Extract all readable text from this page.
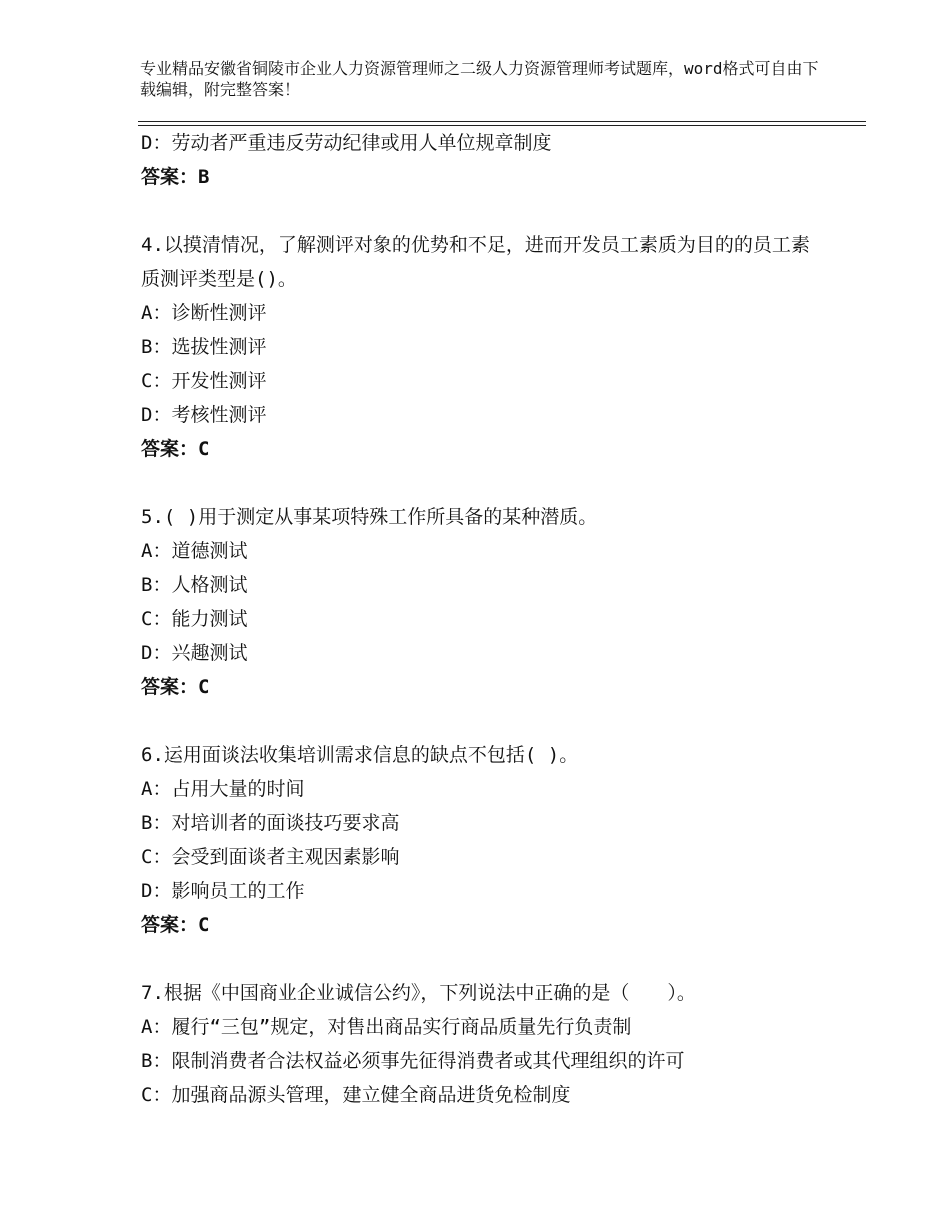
专业精品安徽省铜陵市企业人力资源管理师之二级人力资源管理师考试题库，word格式可自由下载编辑，附完整答案！
D：劳动者严重违反劳动纪律或用人单位规章制度
答案：B
4.以摸清情况，了解测评对象的优势和不足，进而开发员工素质为目的的员工素质测评类型是()。
A：诊断性测评
B：选拔性测评
C：开发性测评
D：考核性测评
答案：C
5.( )用于测定从事某项特殊工作所具备的某种潜质。
A：道德测试
B：人格测试
C：能力测试
D：兴趣测试
答案：C
6.运用面谈法收集培训需求信息的缺点不包括( )。
A：占用大量的时间
B：对培训者的面谈技巧要求高
C：会受到面谈者主观因素影响
D：影响员工的工作
答案：C
7.根据《中国商业企业诚信公约》，下列说法中正确的是（　　）。
A：履行“三包”规定，对售出商品实行商品质量先行负责制
B：限制消费者合法权益必须事先征得消费者或其代理组织的许可
C：加强商品源头管理，建立健全商品进货免检制度
